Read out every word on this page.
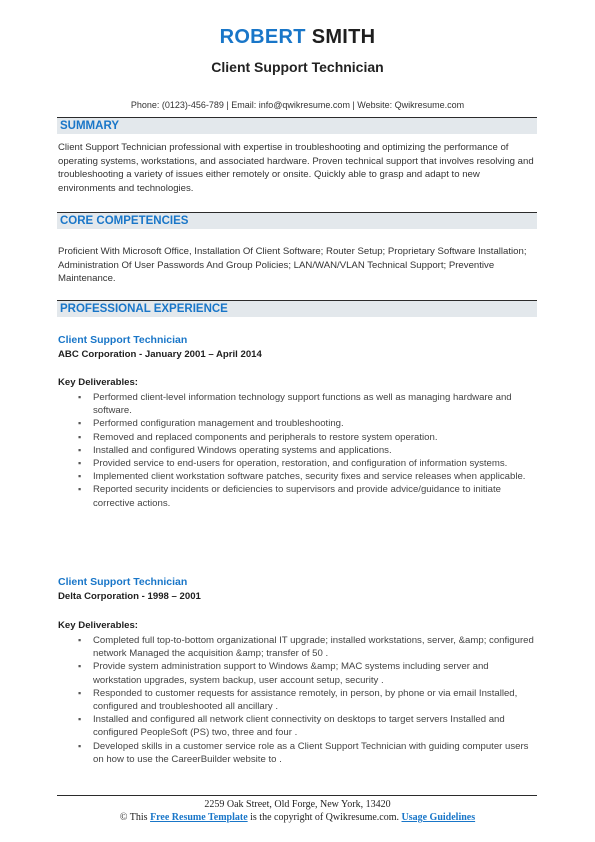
ROBERT SMITH
Client Support Technician
Phone: (0123)-456-789 | Email: info@qwikresume.com | Website: Qwikresume.com
SUMMARY
Client Support Technician professional with expertise in troubleshooting and optimizing the performance of operating systems, workstations, and associated hardware. Proven technical support that involves resolving and troubleshooting a variety of issues either remotely or onsite. Quickly able to grasp and adapt to new environments and technologies.
CORE COMPETENCIES
Proficient With Microsoft Office, Installation Of Client Software; Router Setup; Proprietary Software Installation; Administration Of User Passwords And Group Policies; LAN/WAN/VLAN Technical Support; Preventive Maintenance.
PROFESSIONAL EXPERIENCE
Client Support Technician
ABC Corporation - January 2001 – April 2014
Key Deliverables:
▪ Performed client-level information technology support functions as well as managing hardware and software.
▪ Performed configuration management and troubleshooting.
▪ Removed and replaced components and peripherals to restore system operation.
▪ Installed and configured Windows operating systems and applications.
▪ Provided service to end-users for operation, restoration, and configuration of information systems.
▪ Implemented client workstation software patches, security fixes and service releases when applicable.
▪ Reported security incidents or deficiencies to supervisors and provide advice/guidance to initiate corrective actions.
Client Support Technician
Delta Corporation - 1998 – 2001
Key Deliverables:
▪ Completed full top-to-bottom organizational IT upgrade; installed workstations, server, &amp; configured network Managed the acquisition &amp; transfer of 50 .
▪ Provide system administration support to Windows &amp; MAC systems including server and workstation upgrades, system backup, user account setup, security .
▪ Responded to customer requests for assistance remotely, in person, by phone or via email Installed, configured and troubleshooted all ancillary .
▪ Installed and configured all network client connectivity on desktops to target servers Installed and configured PeopleSoft (PS) two, three and four .
▪ Developed skills in a customer service role as a Client Support Technician with guiding computer users on how to use the CareerBuilder website to .
2259 Oak Street, Old Forge, New York, 13420
© This Free Resume Template is the copyright of Qwikresume.com. Usage Guidelines
